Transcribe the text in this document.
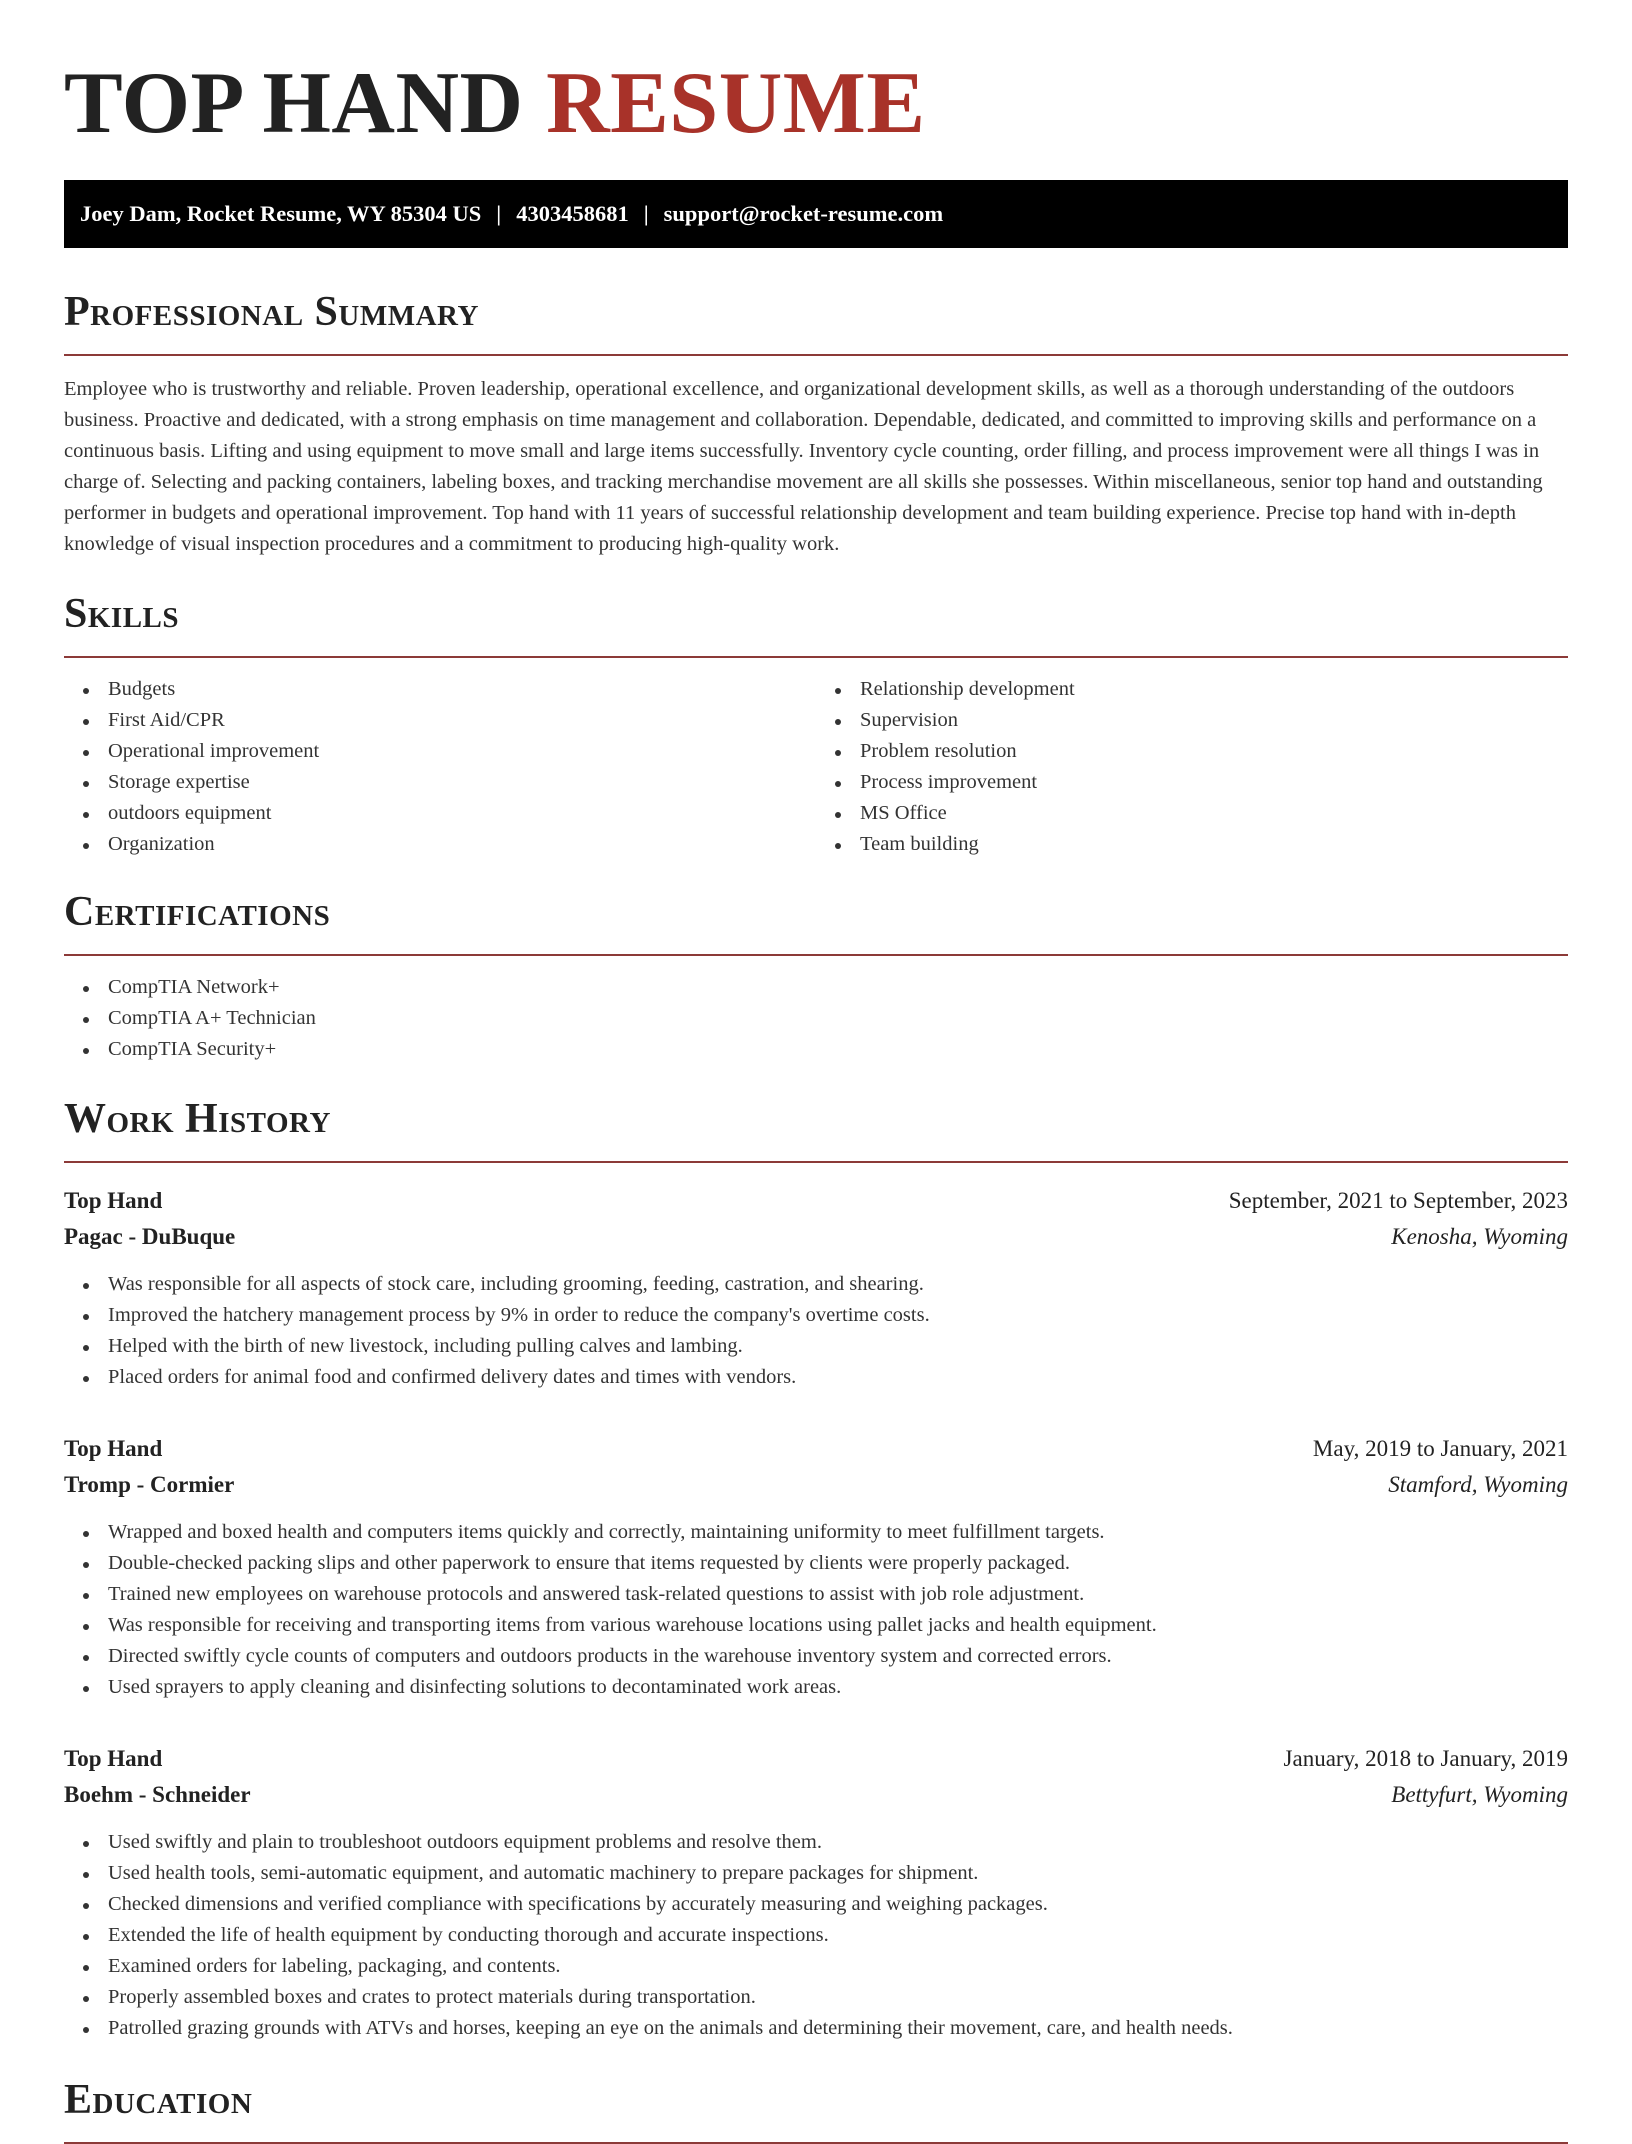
TOP HAND RESUME
Joey Dam, Rocket Resume, WY 85304 US | 4303458681 | support@rocket-resume.com
Professional Summary

Employee who is trustworthy and reliable. Proven leadership, operational excellence, and organizational development skills, as well as a thorough understanding of the outdoors business. Proactive and dedicated, with a strong emphasis on time management and collaboration. Dependable, dedicated, and committed to improving skills and performance on a continuous basis. Lifting and using equipment to move small and large items successfully. Inventory cycle counting, order filling, and process improvement were all things I was in charge of. Selecting and packing containers, labeling boxes, and tracking merchandise movement are all skills she possesses. Within miscellaneous, senior top hand and outstanding performer in budgets and operational improvement. Top hand with 11 years of successful relationship development and team building experience. Precise top hand with in-depth knowledge of visual inspection procedures and a commitment to producing high-quality work.

Skills
Budgets
First Aid/CPR
Operational improvement
Storage expertise
outdoors equipment
Organization
Relationship development
Supervision
Problem resolution
Process improvement
MS Office
Team building
Certifications
CompTIA Network+
CompTIA A+ Technician
CompTIA Security+
Work History
Top Hand	September, 2021 to September, 2023
Pagac - DuBuque	Kenosha, Wyoming
Was responsible for all aspects of stock care, including grooming, feeding, castration, and shearing.
Improved the hatchery management process by 9% in order to reduce the company's overtime costs.
Helped with the birth of new livestock, including pulling calves and lambing.
Placed orders for animal food and confirmed delivery dates and times with vendors.
Top Hand	May, 2019 to January, 2021
Tromp - Cormier	Stamford, Wyoming
Wrapped and boxed health and computers items quickly and correctly, maintaining uniformity to meet fulfillment targets.
Double-checked packing slips and other paperwork to ensure that items requested by clients were properly packaged.
Trained new employees on warehouse protocols and answered task-related questions to assist with job role adjustment.
Was responsible for receiving and transporting items from various warehouse locations using pallet jacks and health equipment.
Directed swiftly cycle counts of computers and outdoors products in the warehouse inventory system and corrected errors.
Used sprayers to apply cleaning and disinfecting solutions to decontaminated work areas.
Top Hand	January, 2018 to January, 2019
Boehm - Schneider	Bettyfurt, Wyoming
Used swiftly and plain to troubleshoot outdoors equipment problems and resolve them.
Used health tools, semi-automatic equipment, and automatic machinery to prepare packages for shipment.
Checked dimensions and verified compliance with specifications by accurately measuring and weighing packages.
Extended the life of health equipment by conducting thorough and accurate inspections.
Examined orders for labeling, packaging, and contents.
Properly assembled boxes and crates to protect materials during transportation.
Patrolled grazing grounds with ATVs and horses, keeping an eye on the animals and determining their movement, care, and health needs.
Education
